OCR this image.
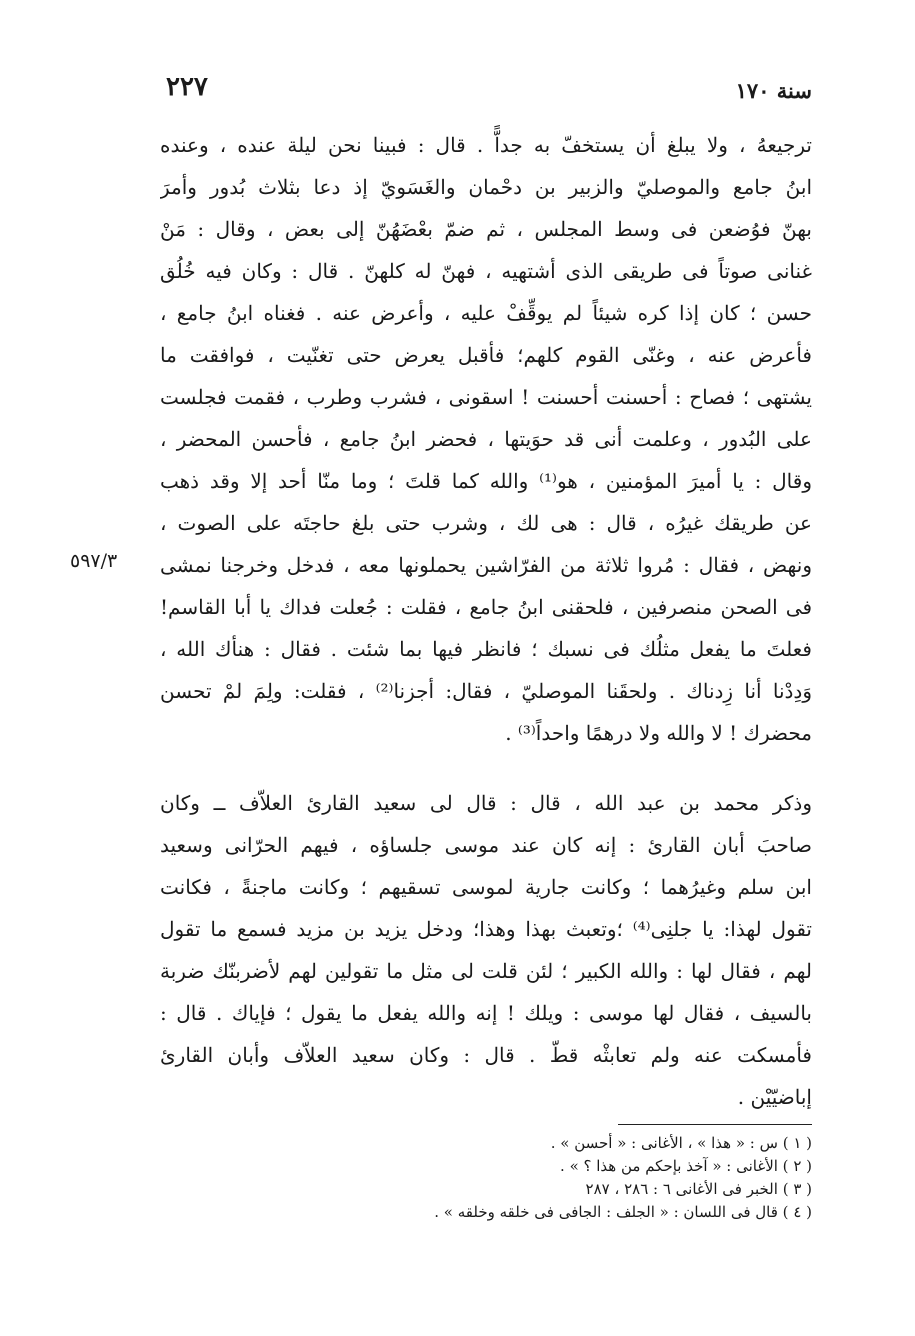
سنة ١٧٠
٢٢٧
٥٩٧/٣
ترجيعهُ ، ولا يبلغ أن يستخفّ به جداًّ . قال : فبينا نحن ليلة عنده ، وعنده
ابنُ جامع والموصليّ والزبير بن دحْمان والغَسَويّ إذ دعا بثلاث بُدور وأمرَ
بهنّ فوُضعن فى وسط المجلس ، ثم ضمّ بعْضَهُنّ إلى بعض ، وقال : مَنْ
غنانى صوتاً فى طريقى الذى أشتهيه ، فهنّ له كلهنّ . قال : وكان فيه خُلُق
حسن ؛ كان إذا كره شيئاً لم يوقِّفْ عليه ، وأعرض عنه . فغناه ابنُ جامع ،
فأعرض عنه ، وغنّى القوم كلهم؛ فأقبل يعرض حتى تغنّيت ، فوافقت ما
يشتهى ؛ فصاح : أحسنت أحسنت ! اسقونى ، فشرب وطرب ، فقمت فجلست
على البُدور ، وعلمت أنى قد حوَيتها ، فحضر ابنُ جامع ، فأحسن المحضر ،
وقال : يا أميرَ المؤمنين ، هو⁽¹⁾ والله كما قلتَ ؛ وما منّا أحد إلا وقد ذهب
عن طريقك غيرُه ، قال : هى لك ، وشرب حتى بلغ حاجتَه على الصوت ،
ونهض ، فقال : مُروا ثلاثة من الفرّاشين يحملونها معه ، فدخل وخرجنا نمشى
فى الصحن منصرفين ، فلحقنى ابنُ جامع ، فقلت : جُعلت فداك يا أبا القاسم!
فعلتَ ما يفعل مثلُك فى نسبك ؛ فانظر فيها بما شئت . فقال : هنأك الله ،
وَدِدْنا أنا زِدناك . ولحقَنا الموصليّ ، فقال: أجزنا⁽²⁾ ، فقلت: ولِمَ لمْ تحسن
محضرك ! لا والله ولا درهمًا واحداً⁽³⁾ .
وذكر محمد بن عبد الله ، قال : قال لى سعيد القارئ العلاّف ــ وكان
صاحبَ أبان القارئ : إنه كان عند موسى جلساؤه ، فيهم الحرّانى وسعيد
ابن سلم وغيرُهما ؛ وكانت جارية لموسى تسقيهم ؛ وكانت ماجنةً ، فكانت
تقول لهذا: يا جلنِى⁽⁴⁾ ؛وتعبث بهذا وهذا؛ ودخل يزيد بن مزيد فسمع ما تقول
لهم ، فقال لها : والله الكبير ؛ لئن قلت لى مثل ما تقولين لهم لأضربنّك ضربة
بالسيف ، فقال لها موسى : ويلك ! إنه والله يفعل ما يقول ؛ فإياك . قال :
فأمسكت عنه ولم تعابثْه قطّ . قال : وكان سعيد العلاّف وأبان القارئ
إباضيّيْن .
( ١ ) س : « هذا » ، الأغانى : « أحسن » .
( ٢ ) الأغانى : « آخذ بإحكم من هذا ؟ » .
( ٣ ) الخبر فى الأغانى ٦ : ٢٨٦ ، ٢٨٧
( ٤ ) قال فى اللسان : « الجلف : الجافى فى خلقه وخلقه » .
